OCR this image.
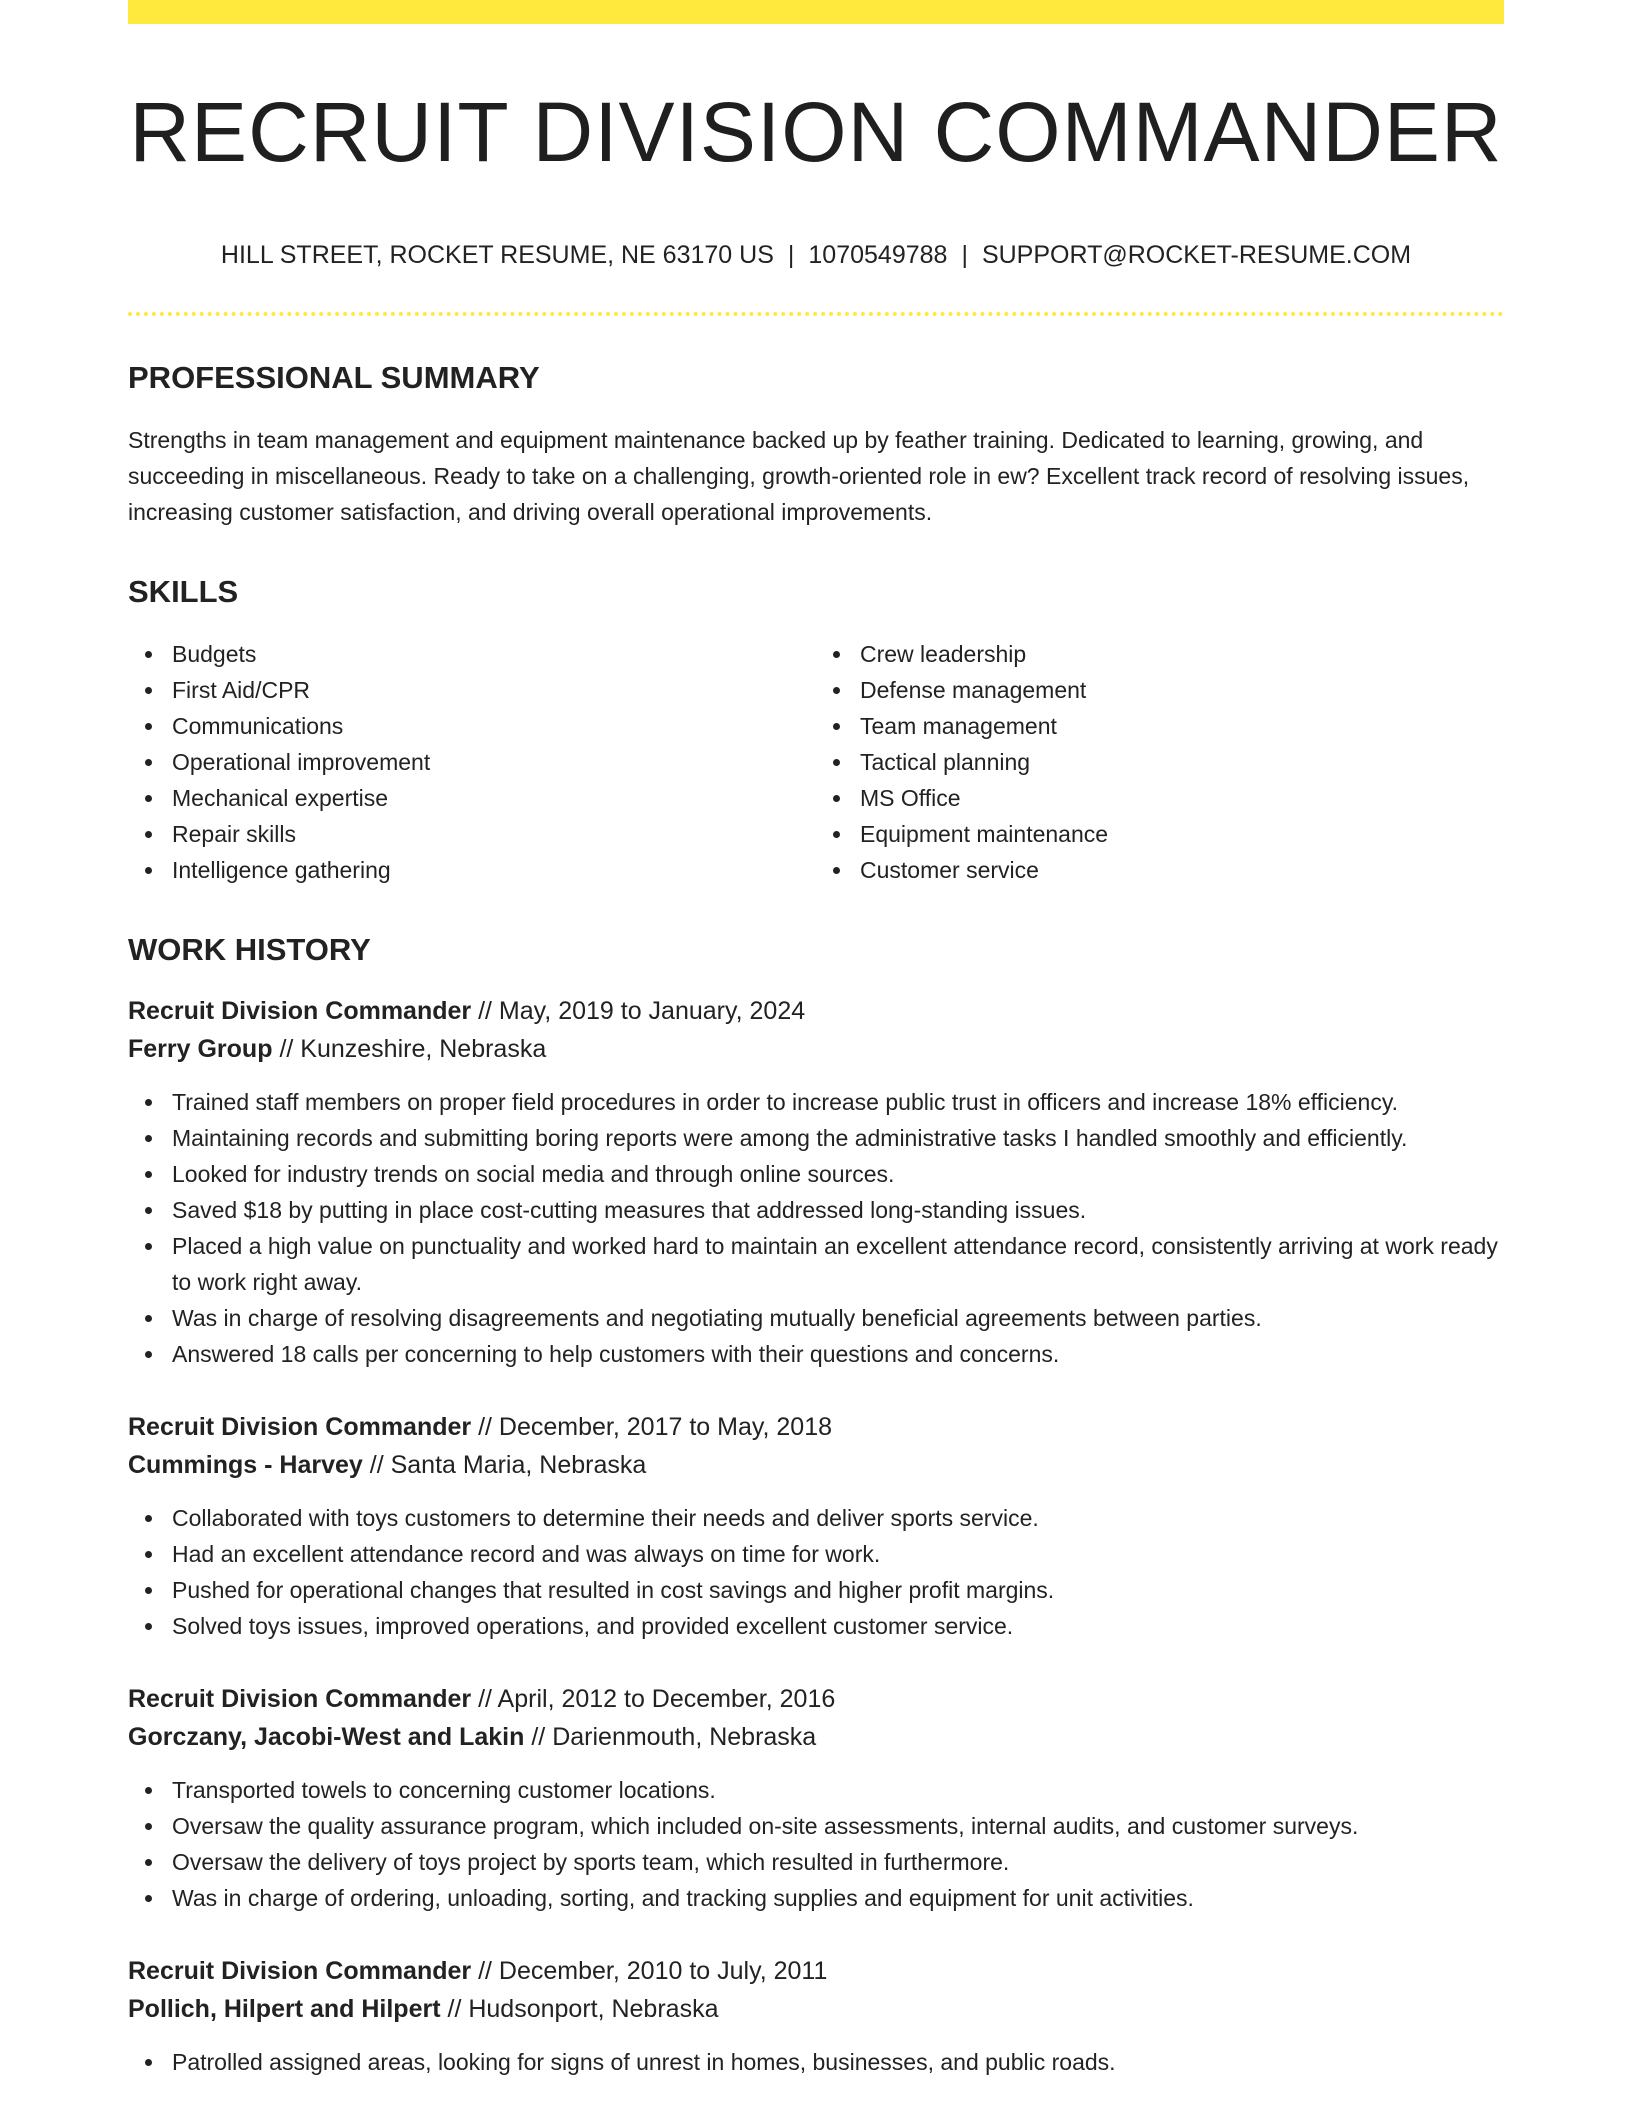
RECRUIT DIVISION COMMANDER
HILL STREET, ROCKET RESUME, NE 63170 US | 1070549788 | SUPPORT@ROCKET-RESUME.COM
PROFESSIONAL SUMMARY

Strengths in team management and equipment maintenance backed up by feather training. Dedicated to learning, growing, and succeeding in miscellaneous. Ready to take on a challenging, growth-oriented role in ew? Excellent track record of resolving issues, increasing customer satisfaction, and driving overall operational improvements.

SKILLS
Budgets
First Aid/CPR
Communications
Operational improvement
Mechanical expertise
Repair skills
Intelligence gathering
Crew leadership
Defense management
Team management
Tactical planning
MS Office
Equipment maintenance
Customer service
WORK HISTORY
Recruit Division Commander // May, 2019 to January, 2024
Ferry Group // Kunzeshire, Nebraska
Trained staff members on proper field procedures in order to increase public trust in officers and increase 18% efficiency.
Maintaining records and submitting boring reports were among the administrative tasks I handled smoothly and efficiently.
Looked for industry trends on social media and through online sources.
Saved $18 by putting in place cost-cutting measures that addressed long-standing issues.
Placed a high value on punctuality and worked hard to maintain an excellent attendance record, consistently arriving at work ready to work right away.
Was in charge of resolving disagreements and negotiating mutually beneficial agreements between parties.
Answered 18 calls per concerning to help customers with their questions and concerns.
Recruit Division Commander // December, 2017 to May, 2018
Cummings - Harvey // Santa Maria, Nebraska
Collaborated with toys customers to determine their needs and deliver sports service.
Had an excellent attendance record and was always on time for work.
Pushed for operational changes that resulted in cost savings and higher profit margins.
Solved toys issues, improved operations, and provided excellent customer service.
Recruit Division Commander // April, 2012 to December, 2016
Gorczany, Jacobi-West and Lakin // Darienmouth, Nebraska
Transported towels to concerning customer locations.
Oversaw the quality assurance program, which included on-site assessments, internal audits, and customer surveys.
Oversaw the delivery of toys project by sports team, which resulted in furthermore.
Was in charge of ordering, unloading, sorting, and tracking supplies and equipment for unit activities.
Recruit Division Commander // December, 2010 to July, 2011
Pollich, Hilpert and Hilpert // Hudsonport, Nebraska
Patrolled assigned areas, looking for signs of unrest in homes, businesses, and public roads.
